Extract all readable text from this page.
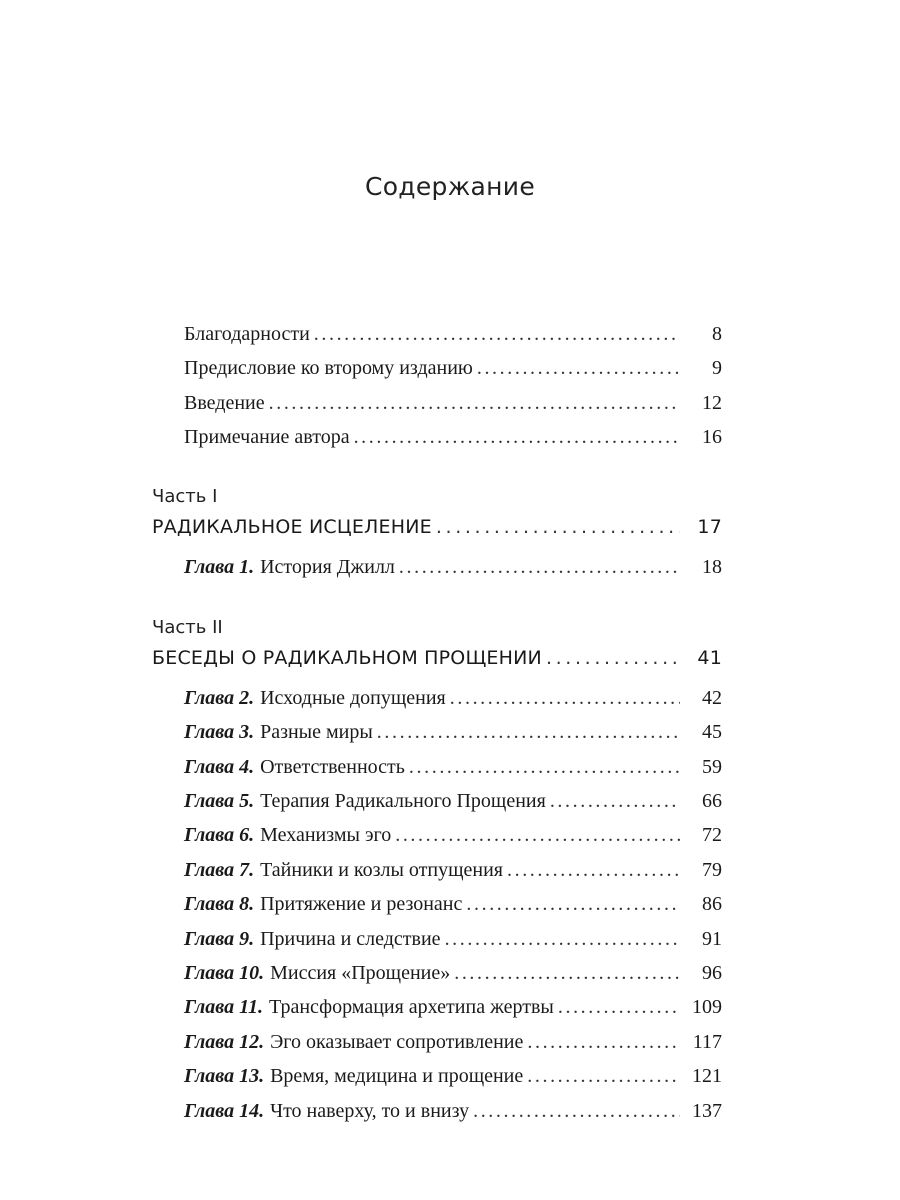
Содержание
Благодарности . . .	8
Предисловие ко второму изданию . . .	9
Введение . . .	12
Примечание автора . . .	16
Часть I
РАДИКАЛЬНОЕ ИСЦЕЛЕНИЕ . . .	17
Глава 1. История Джилл . . .	18
Часть II
БЕСЕДЫ О РАДИКАЛЬНОМ ПРОЩЕНИИ . . .	41
Глава 2. Исходные допущения . . .	42
Глава 3. Разные миры . . .	45
Глава 4. Ответственность . . .	59
Глава 5. Терапия Радикального Прощения . . .	66
Глава 6. Механизмы эго . . .	72
Глава 7. Тайники и козлы отпущения . . .	79
Глава 8. Притяжение и резонанс . . .	86
Глава 9. Причина и следствие . . .	91
Глава 10. Миссия «Прощение» . . .	96
Глава 11. Трансформация архетипа жертвы . . .	109
Глава 12. Эго оказывает сопротивление . . .	117
Глава 13. Время, медицина и прощение . . .	121
Глава 14. Что наверху, то и внизу . . .	137
